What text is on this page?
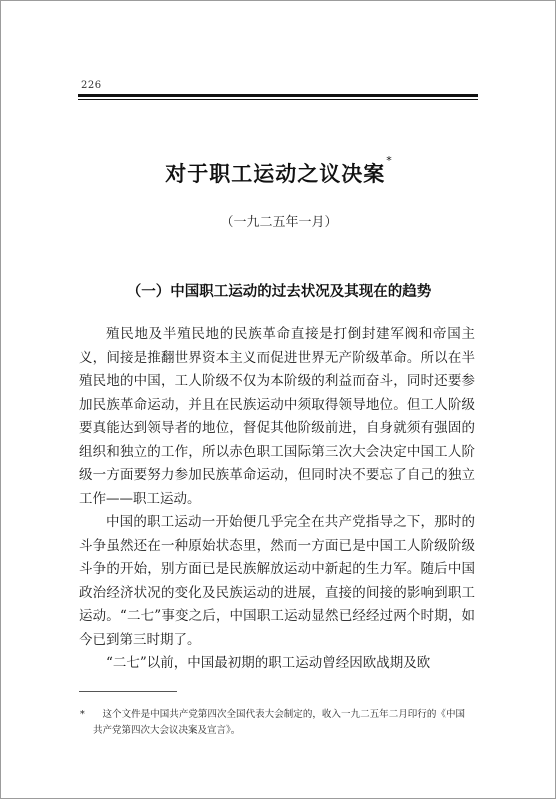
226
对于职工运动之议决案*
（一九二五年一月）
（一）中国职工运动的过去状况及其现在的趋势

殖民地及半殖民地的民族革命直接是打倒封建军阀和帝国主义，间接是推翻世界资本主义而促进世界无产阶级革命。所以在半殖民地的中国，工人阶级不仅为本阶级的利益而奋斗，同时还要参加民族革命运动，并且在民族运动中须取得领导地位。但工人阶级要真能达到领导者的地位，督促其他阶级前进，自身就须有强固的组织和独立的工作，所以赤色职工国际第三次大会决定中国工人阶级一方面要努力参加民族革命运动，但同时决不要忘了自己的独立工作——职工运动。

中国的职工运动一开始便几乎完全在共产党指导之下，那时的斗争虽然还在一种原始状态里，然而一方面已是中国工人阶级阶级斗争的开始，别方面已是民族解放运动中新起的生力军。随后中国政治经济状况的变化及民族运动的进展，直接的间接的影响到职工运动。“二七”事变之后，中国职工运动显然已经经过两个时期，如今已到第三时期了。

“二七”以前，中国最初期的职工运动曾经因欧战期及欧

*	这个文件是中国共产党第四次全国代表大会制定的，收入一九二五年二月印行的《中国共产党第四次大会议决案及宣言》。
